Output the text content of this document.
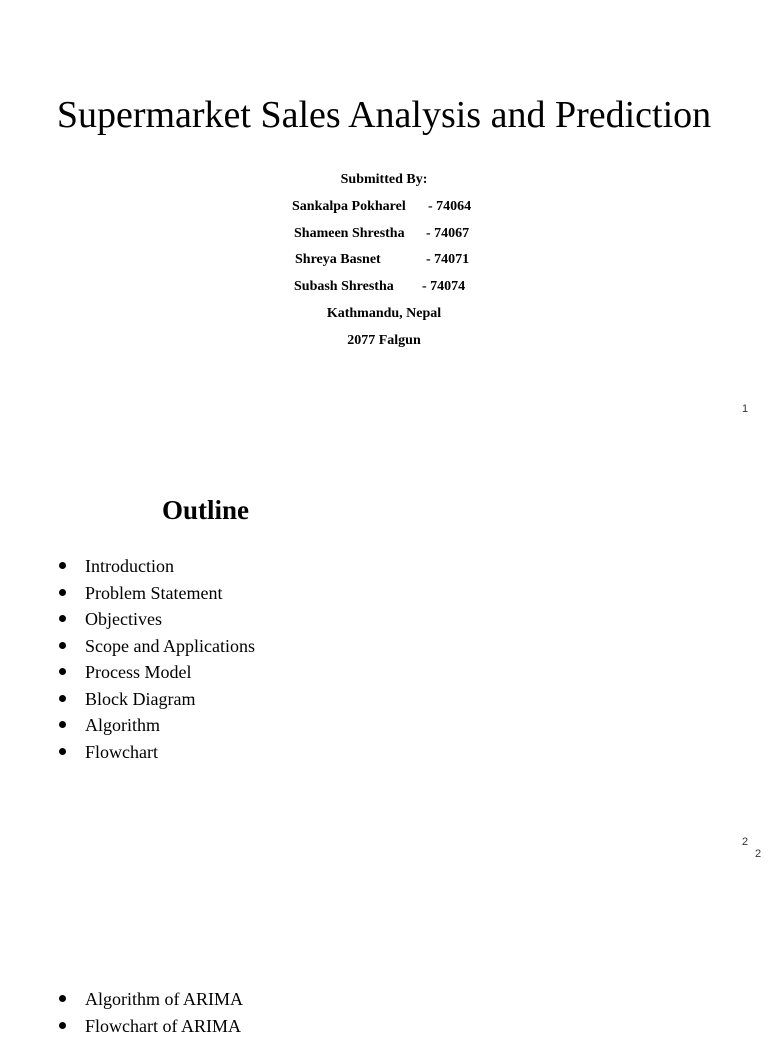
Supermarket Sales Analysis and Prediction
Submitted By:
Sankalpa Pokharel - 74064
Shameen Shrestha - 74067
Shreya Basnet	- 74071
Subash Shrestha - 74074
Kathmandu, Nepal
2077 Falgun
1
Outline
Introduction
Problem Statement
Objectives
Scope and Applications
Process Model
Block Diagram
Algorithm
Flowchart
2
2
Algorithm of ARIMA
Flowchart of ARIMA
